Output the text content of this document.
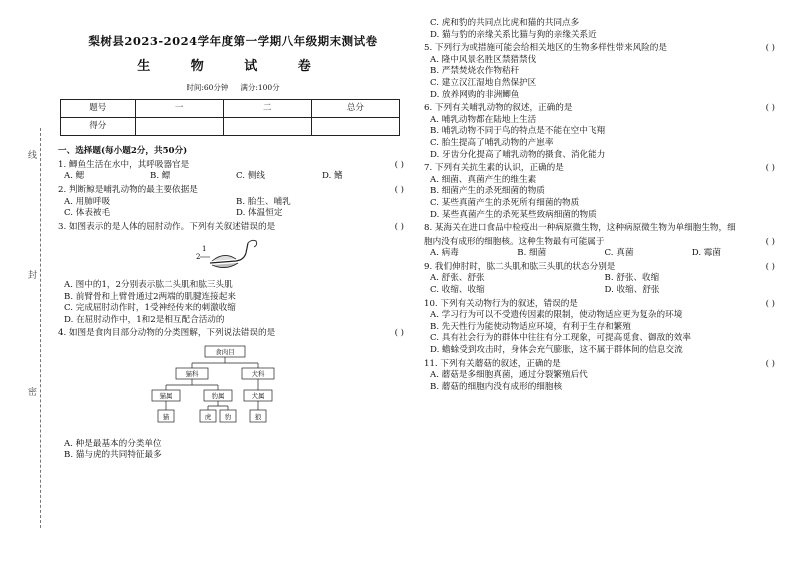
线
封
密
梨树县2023-2024学年度第一学期八年级期末测试卷
生 物 试 卷
时间:60分钟 满分:100分
题号	一	二	总分
得分			
一、选择题(每小题2分，共50分)
1. 鲫鱼生活在水中，其呼吸器官是	( )
A. 鳃	B. 鳔	C. 侧线	D. 鳍
2. 判断鲸是哺乳动物的最主要依据是	( )
A. 用肺呼吸	B. 胎生、哺乳
C. 体表被毛	D. 体温恒定
3. 如图表示的是人体的屈肘动作。下列有关叙述错误的是	( )
2
1
A. 图中的1，2分别表示肱二头肌和肱三头肌
B. 前臂骨和上臂骨通过2两端的肌腱连接起来
C. 完成屈肘动作时，1受神经传来的刺激收缩
D. 在屈肘动作中，1和2是相互配合活动的
4. 如图是食肉目部分动物的分类图解，下列说法错误的是	( )
食肉目
猫科	犬科
猫属	豹属	犬属
猫	虎 豹	狼
A. 种是最基本的分类单位
B. 猫与虎的共同特征最多
C. 虎和豹的共同点比虎和猫的共同点多
D. 猫与豹的亲缘关系比猫与狗的亲缘关系近
5. 下列行为或措施可能会给相关地区的生物多样性带来风险的是	( )
A. 隆中风景名胜区禁猎禁伐
B. 严禁焚烧农作物秸秆
C. 建立汉江湿地自然保护区
D. 放养网购的非洲鲫鱼
6. 下列有关哺乳动物的叙述，正确的是	( )
A. 哺乳动物都在陆地上生活
B. 哺乳动物不同于鸟的特点是不能在空中飞翔
C. 胎生提高了哺乳动物的产崽率
D. 牙齿分化提高了哺乳动物的摄食、消化能力
7. 下列有关抗生素的认识，正确的是	( )
A. 细菌、真菌产生的维生素
B. 细菌产生的杀死细菌的物质
C. 某些真菌产生的杀死所有细菌的物质
D. 某些真菌产生的杀死某些致病细菌的物质
8. 某海关在进口食品中检疫出一种病原微生物，这种病原微生物为单细胞生物，细
胞内没有成形的细胞核。这种生物最有可能属于	( )
A. 病毒	B. 细菌	C. 真菌	D. 霉菌
9. 我们伸肘时，肱二头肌和肱三头肌的状态分别是	( )
A. 舒张、舒张	B. 舒张、收缩
C. 收缩、收缩	D. 收缩、舒张
10. 下列有关动物行为的叙述，错误的是	( )
A. 学习行为可以不受遗传因素的限制，使动物适应更为复杂的环境
B. 先天性行为能使动物适应环境，有利于生存和繁殖
C. 具有社会行为的群体中往往有分工现象，可提高觅食、御敌的效率
D. 蟾蜍受到攻击时，身体会充气膨胀，这不属于群体间的信息交流
11. 下列有关蘑菇的叙述，正确的是	( )
A. 蘑菇是多细胞真菌，通过分裂繁殖后代
B. 蘑菇的细胞内没有成形的细胞核
